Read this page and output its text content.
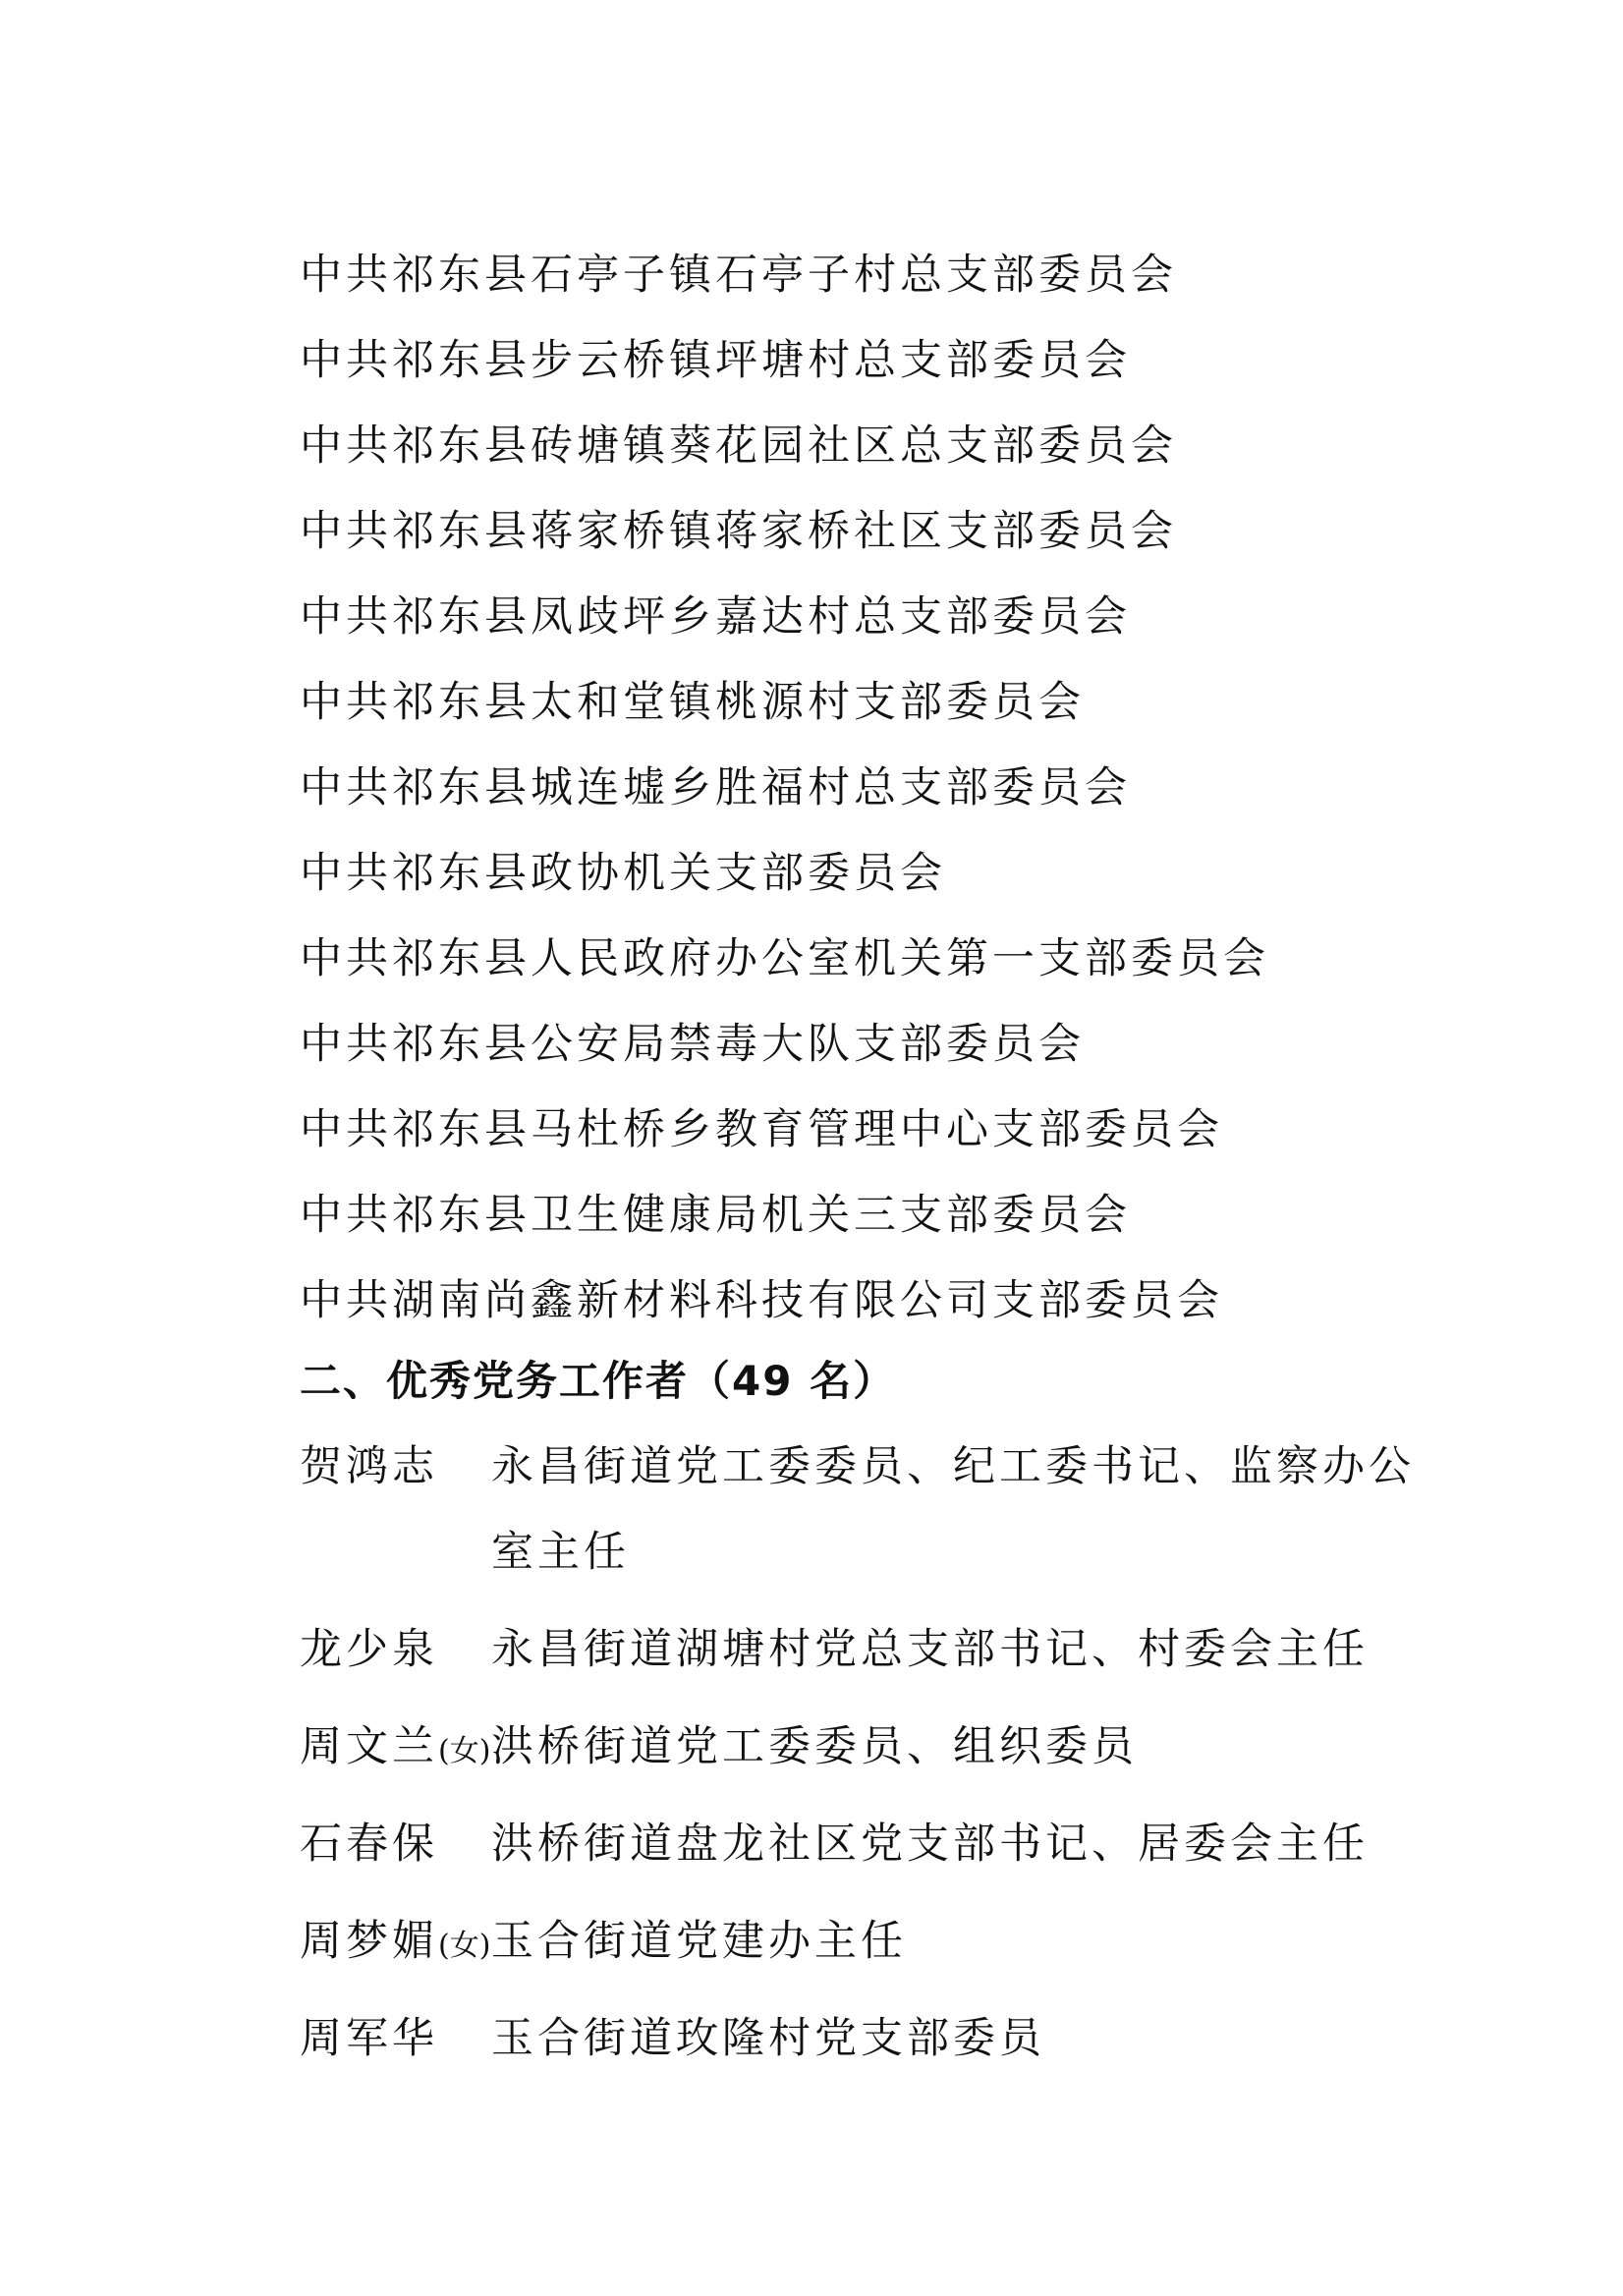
中共祁东县石亭子镇石亭子村总支部委员会
中共祁东县步云桥镇坪塘村总支部委员会
中共祁东县砖塘镇葵花园社区总支部委员会
中共祁东县蒋家桥镇蒋家桥社区支部委员会
中共祁东县凤歧坪乡嘉达村总支部委员会
中共祁东县太和堂镇桃源村支部委员会
中共祁东县城连墟乡胜福村总支部委员会
中共祁东县政协机关支部委员会
中共祁东县人民政府办公室机关第一支部委员会
中共祁东县公安局禁毒大队支部委员会
中共祁东县马杜桥乡教育管理中心支部委员会
中共祁东县卫生健康局机关三支部委员会
中共湖南尚鑫新材料科技有限公司支部委员会
二、优秀党务工作者（49 名）
贺鸿志	永昌街道党工委委员、纪工委书记、监察办公室主任
龙少泉	永昌街道湖塘村党总支部书记、村委会主任
周文兰(女) 洪桥街道党工委委员、组织委员
石春保	洪桥街道盘龙社区党支部书记、居委会主任
周梦媚(女) 玉合街道党建办主任
周军华	玉合街道玫隆村党支部委员
